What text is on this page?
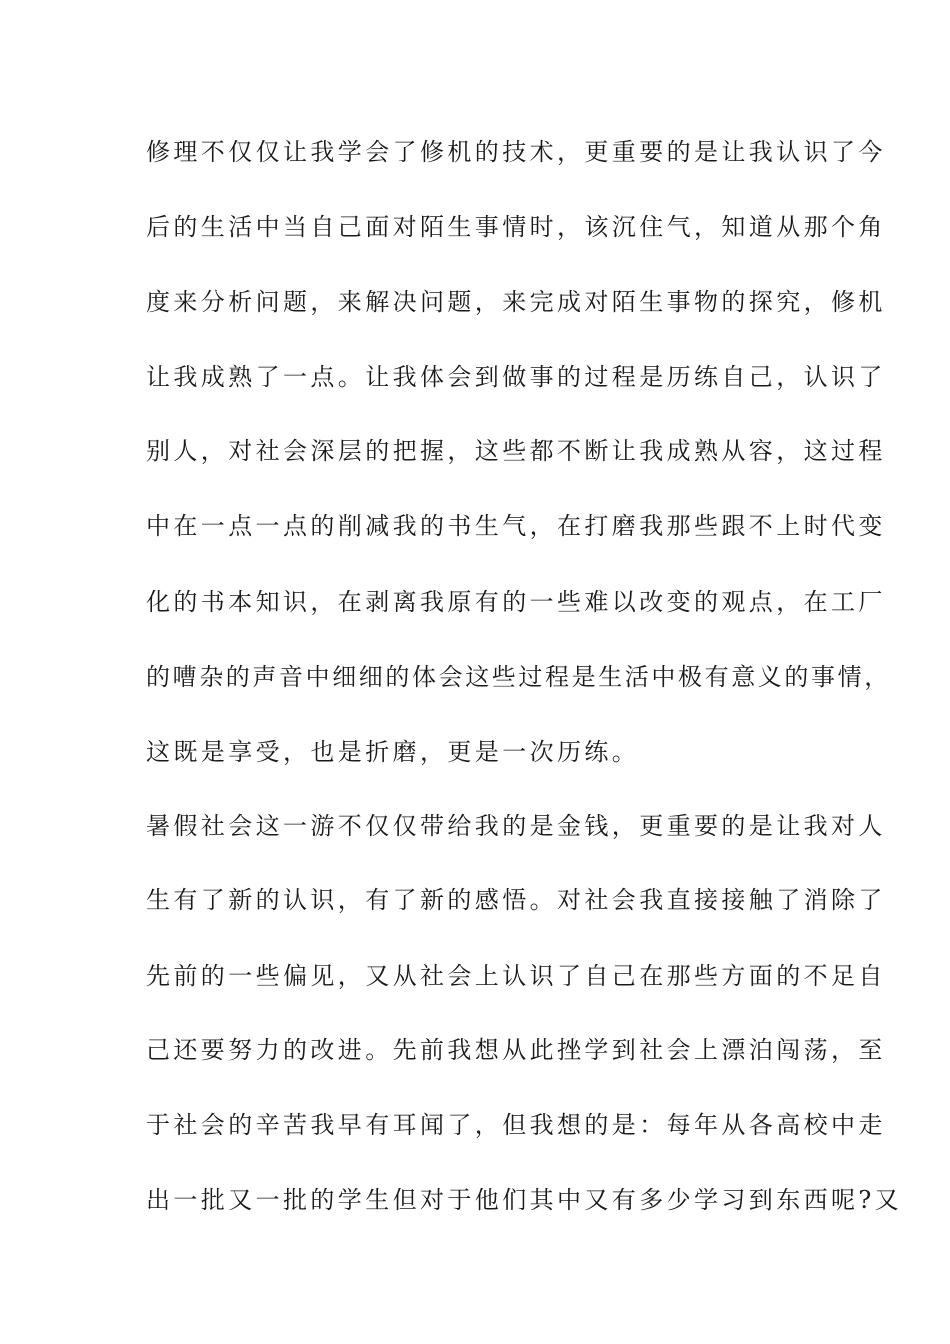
修理不仅仅让我学会了修机的技术，更重要的是让我认识了今
后的生活中当自己面对陌生事情时，该沉住气，知道从那个角
度来分析问题，来解决问题，来完成对陌生事物的探究，修机
让我成熟了一点。让我体会到做事的过程是历练自己，认识了
别人，对社会深层的把握，这些都不断让我成熟从容，这过程
中在一点一点的削减我的书生气，在打磨我那些跟不上时代变
化的书本知识，在剥离我原有的一些难以改变的观点，在工厂
的嘈杂的声音中细细的体会这些过程是生活中极有意义的事情，
这既是享受，也是折磨，更是一次历练。
暑假社会这一游不仅仅带给我的是金钱，更重要的是让我对人
生有了新的认识，有了新的感悟。对社会我直接接触了消除了
先前的一些偏见，又从社会上认识了自己在那些方面的不足自
己还要努力的改进。先前我想从此挫学到社会上漂泊闯荡，至
于社会的辛苦我早有耳闻了，但我想的是：每年从各高校中走
出一批又一批的学生但对于他们其中又有多少学习到东西呢?又
